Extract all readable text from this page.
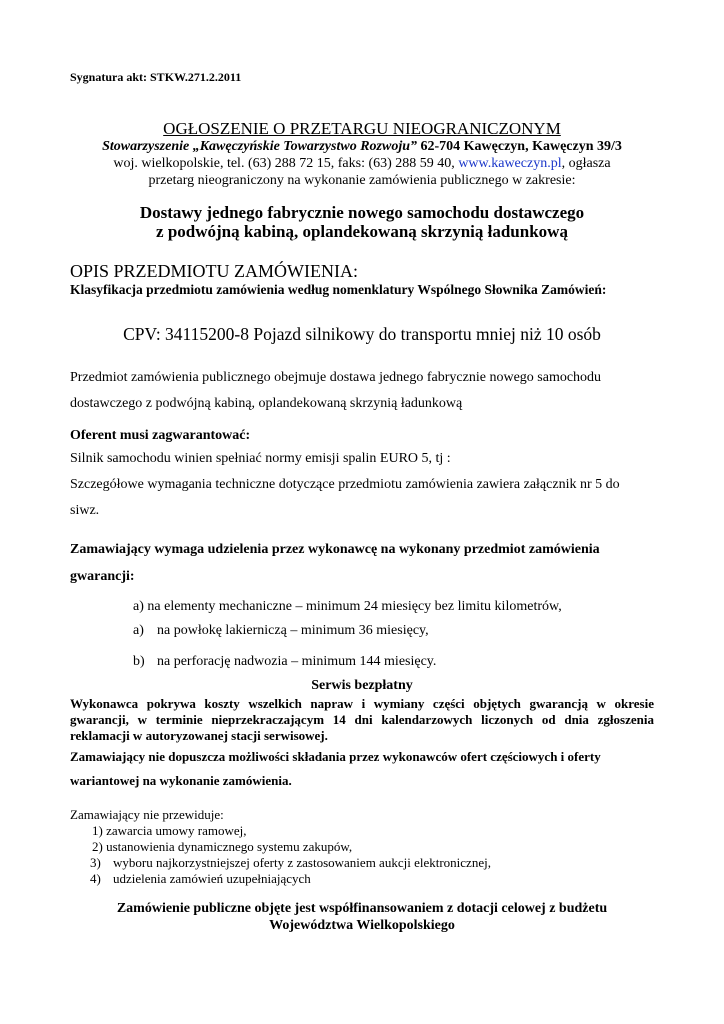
Sygnatura akt: STKW.271.2.2011

OGŁOSZENIE O PRZETARGU NIEOGRANICZONYM

Stowarzyszenie „Kawęczyńskie Towarzystwo Rozwoju” 62-704 Kawęczyn, Kawęczyn 39/3

woj. wielkopolskie, tel. (63) 288 72 15, faks: (63) 288 59 40, www.kaweczyn.pl, ogłasza

przetarg nieograniczony na wykonanie zamówienia publicznego w zakresie:

Dostawy jednego fabrycznie nowego samochodu dostawczego

z podwójną kabiną, oplandekowaną skrzynią ładunkową

OPIS PRZEDMIOTU ZAMÓWIENIA:

Klasyfikacja przedmiotu zamówienia według nomenklatury Wspólnego Słownika Zamówień:

CPV: 34115200-8 Pojazd silnikowy do transportu mniej niż 10 osób

Przedmiot zamówienia publicznego obejmuje dostawa jednego fabrycznie nowego samochodu

dostawczego z podwójną kabiną, oplandekowaną skrzynią ładunkową

Oferent musi zagwarantować:

Silnik samochodu winien spełniać normy emisji spalin EURO 5, tj :

Szczegółowe wymagania techniczne dotyczące przedmiotu zamówienia zawiera załącznik nr 5 do

siwz.

Zamawiający wymaga udzielenia przez wykonawcę na wykonany przedmiot zamówienia

gwarancji:

a) na elementy mechaniczne – minimum 24 miesięcy bez limitu kilometrów,

a) na powłokę lakierniczą – minimum 36 miesięcy,

b) na perforację nadwozia – minimum 144 miesięcy.

Serwis bezpłatny

Wykonawca pokrywa koszty wszelkich napraw i wymiany części objętych gwarancją w okresie

gwarancji, w terminie nieprzekraczającym 14 dni kalendarzowych liczonych od dnia zgłoszenia

reklamacji w autoryzowanej stacji serwisowej.

Zamawiający nie dopuszcza możliwości składania przez wykonawców ofert częściowych i oferty

wariantowej na wykonanie zamówienia.

Zamawiający nie przewiduje:

1) zawarcia umowy ramowej,

2) ustanowienia dynamicznego systemu zakupów,

3) wyboru najkorzystniejszej oferty z zastosowaniem aukcji elektronicznej,

4) udzielenia zamówień uzupełniających

Zamówienie publiczne objęte jest współfinansowaniem z dotacji celowej z budżetu

Województwa Wielkopolskiego
